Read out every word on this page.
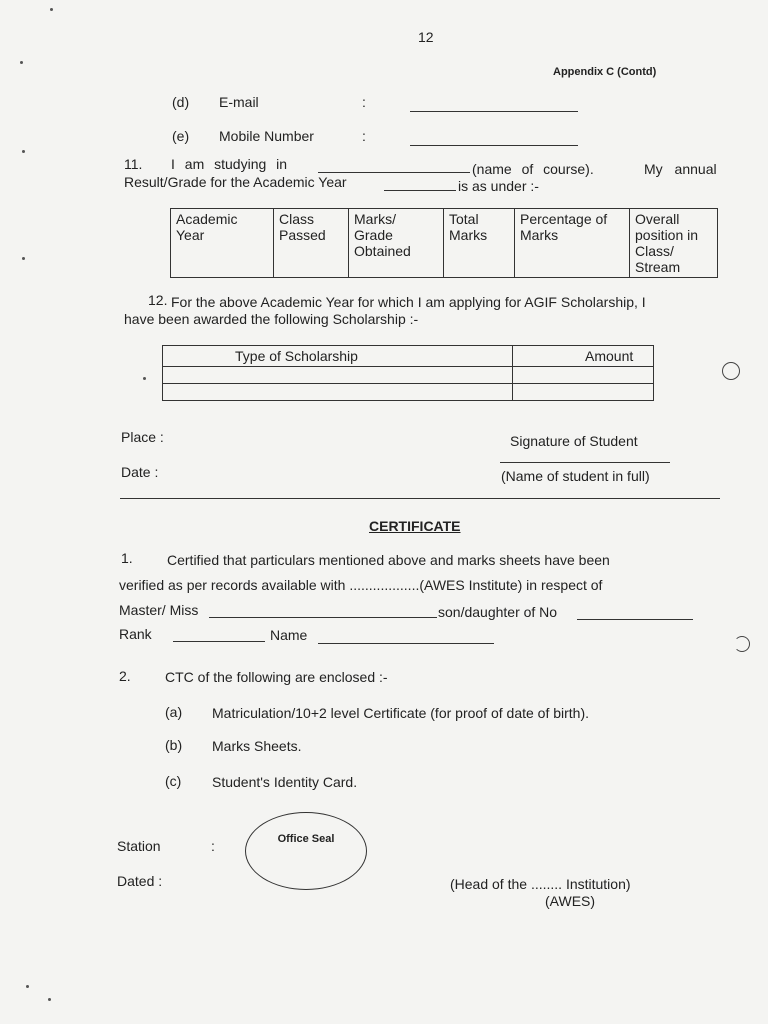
12
Appendix C (Contd)
(d) E-mail	:
(e) Mobile Number	:
11. I am studying in	(name of course).	My annual
Result/Grade for the Academic Year	is as under :-
Academic Year	Class Passed	Marks/ Grade Obtained	Total Marks	Percentage of Marks	Overall position in Class/ Stream
12. For the above Academic Year for which I am applying for AGIF Scholarship, I
have been awarded the following Scholarship :-
Type of Scholarship	Amount

Place :	Signature of Student
Date :	(Name of student in full)
CERTIFICATE
1. Certified that particulars mentioned above and marks sheets have been
verified as per records available with ..................(AWES Institute) in respect of
Master/ Miss	son/daughter of No
Rank	Name
2. CTC of the following are enclosed :-
(a) Matriculation/10+2 level Certificate (for proof of date of birth).
(b) Marks Sheets.
(c) Student's Identity Card.
Station	:	Office Seal
Dated :	(Head of the ........ Institution)
(AWES)
